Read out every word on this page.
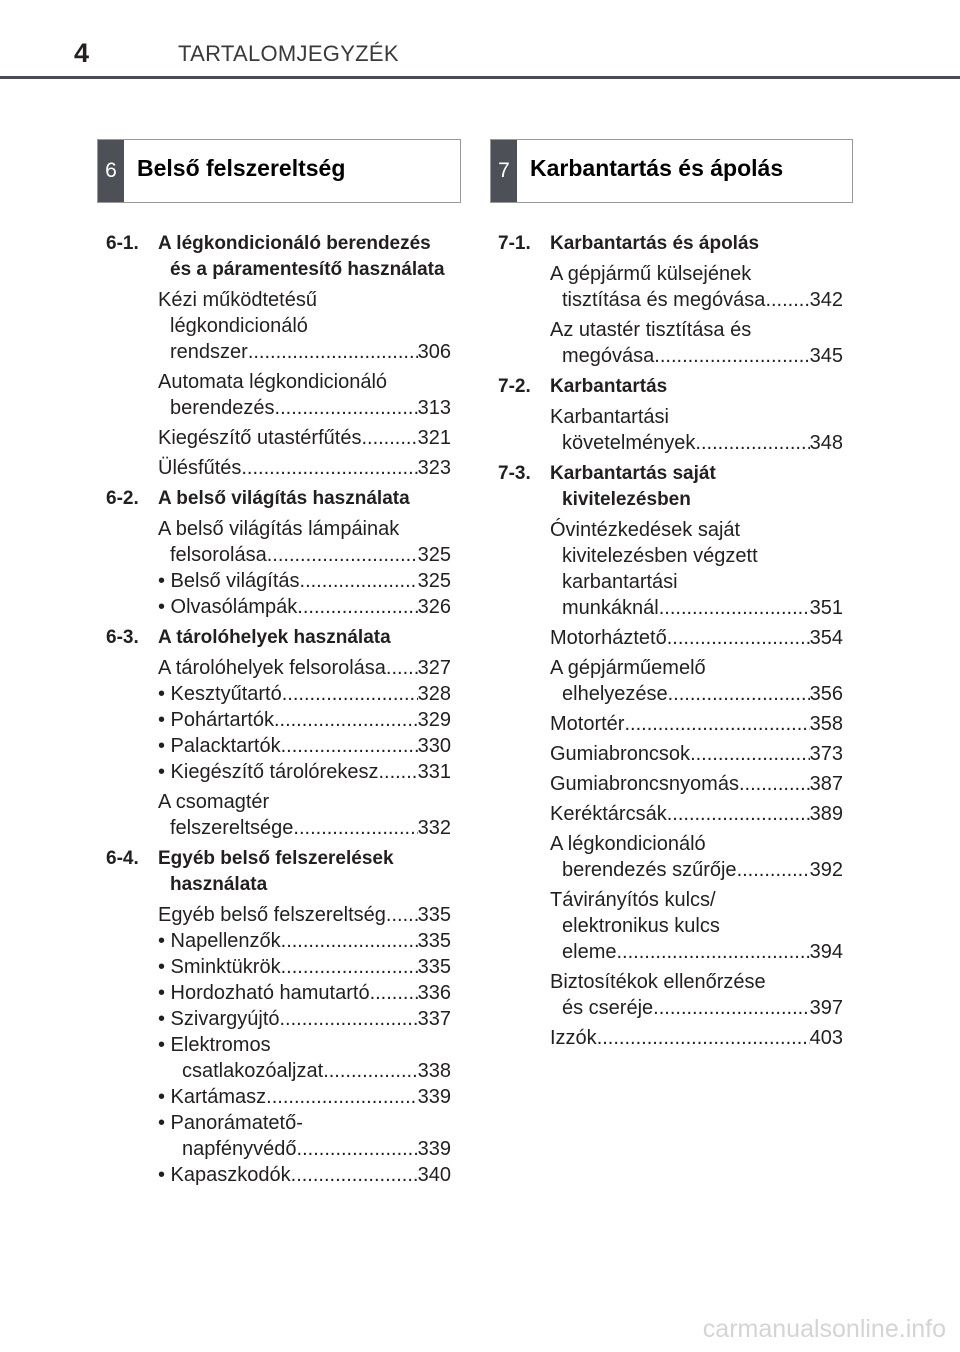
4	TARTALOMJEGYZÉK
6 Belső felszereltség	7 Karbantartás és ápolás
6-1.	A légkondicionáló berendezés
és a páramentesítő használata
Kézi működtetésű
légkondicionáló
rendszer .....	306
Automata légkondicionáló
berendezés .....	313
Kiegészítő utastérfűtés .....	321
Ülésfűtés .....	323
6-2.	A belső világítás használata
A belső világítás lámpáinak
felsorolása .....	325
• Belső világítás .....	325
• Olvasólámpák .....	326
6-3.	A tárolóhelyek használata
A tárolóhelyek felsorolása ..... 327
• Kesztyűtartó .....	328
• Pohártartók .....	329
• Palacktartók .....	330
• Kiegészítő tárolórekesz ..... 331
A csomagtér
felszereltsége .....	332
6-4.	Egyéb belső felszerelések
használata
Egyéb belső felszereltség ..... 335
• Napellenzők .....	335
• Sminktükrök .....	335
• Hordozható hamutartó ..... 336
• Szivargyújtó .....	337
• Elektromos
csatlakozóaljzat .....	338
• Kartámasz .....	339
• Panorámatető-
napfényvédő .....	339
• Kapaszkodók .....	340
7-1.	Karbantartás és ápolás
A gépjármű külsejének
tisztítása és megóvása ..... 342
Az utastér tisztítása és
megóvása .....	345
7-2.	Karbantartás
Karbantartási
követelmények .....	348
7-3.	Karbantartás saját
kivitelezésben
Óvintézkedések saját
kivitelezésben végzett
karbantartási
munkáknál .....	351
Motorháztető .....	354
A gépjárműemelő
elhelyezése .....	356
Motortér .....	358
Gumiabroncsok .....	373
Gumiabroncsnyomás .....	387
Keréktárcsák .....	389
A légkondicionáló
berendezés szűrője .....	392
Távirányítós kulcs/
elektronikus kulcs
eleme .....	394
Biztosítékok ellenőrzése
és cseréje .....	397
Izzók .....	403
carmanualsonline.info
